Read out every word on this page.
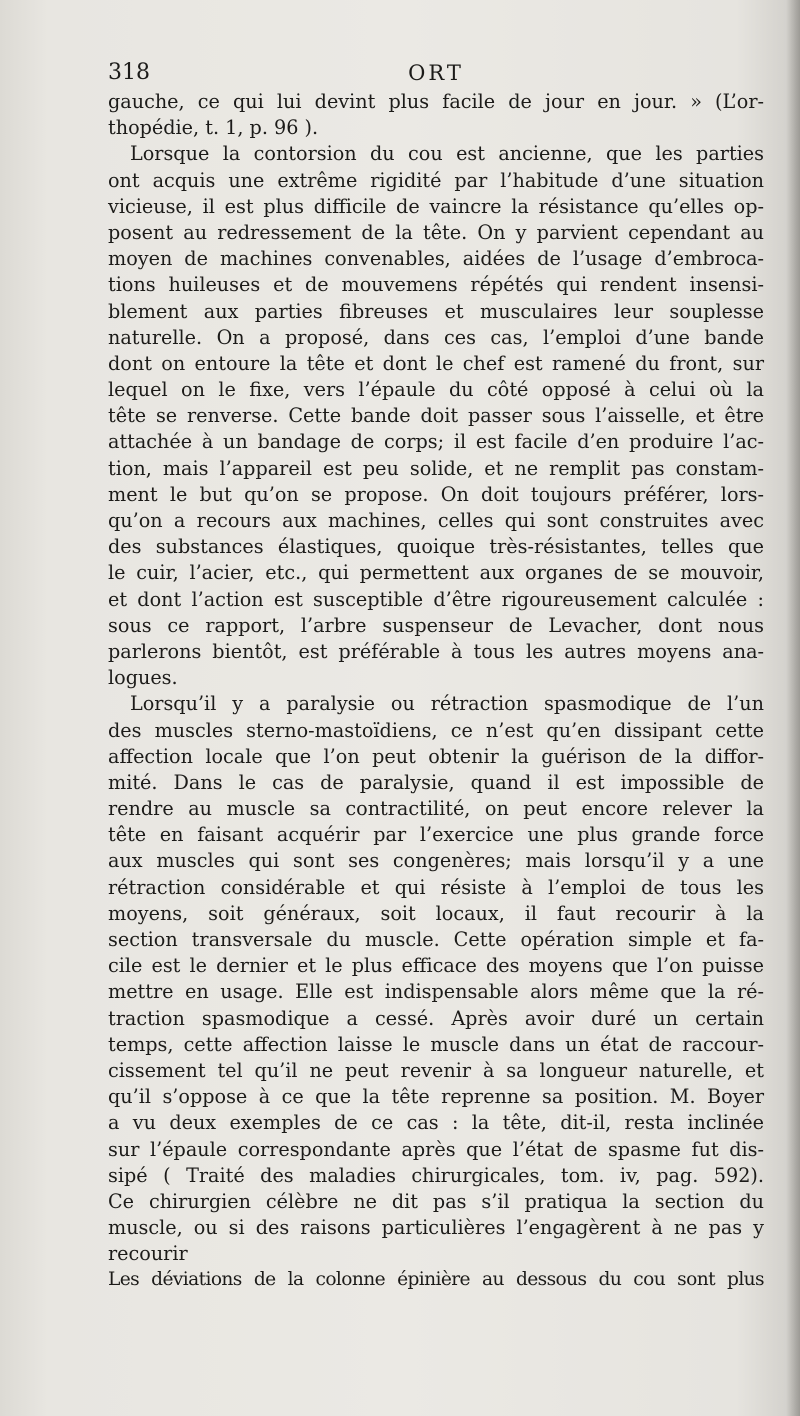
318	ORT
gauche, ce qui lui devint plus facile de jour en jour. » (L’or-
thopédie, t. 1, p. 96 ).
Lorsque la contorsion du cou est ancienne, que les parties
ont acquis une extrême rigidité par l’habitude d’une situation
vicieuse, il est plus difficile de vaincre la résistance qu’elles op-
posent au redressement de la tête. On y parvient cependant au
moyen de machines convenables, aidées de l’usage d’embroca-
tions huileuses et de mouvemens répétés qui rendent insensi-
blement aux parties fibreuses et musculaires leur souplesse
naturelle. On a proposé, dans ces cas, l’emploi d’une bande
dont on entoure la tête et dont le chef est ramené du front, sur
lequel on le fixe, vers l’épaule du côté opposé à celui où la
tête se renverse. Cette bande doit passer sous l’aisselle, et être
attachée à un bandage de corps; il est facile d’en produire l’ac-
tion, mais l’appareil est peu solide, et ne remplit pas constam-
ment le but qu’on se propose. On doit toujours préférer, lors-
qu’on a recours aux machines, celles qui sont construites avec
des substances élastiques, quoique très-résistantes, telles que
le cuir, l’acier, etc., qui permettent aux organes de se mouvoir,
et dont l’action est susceptible d’être rigoureusement calculée :
sous ce rapport, l’arbre suspenseur de Levacher, dont nous
parlerons bientôt, est préférable à tous les autres moyens ana-
logues.
Lorsqu’il y a paralysie ou rétraction spasmodique de l’un
des muscles sterno-mastoïdiens, ce n’est qu’en dissipant cette
affection locale que l’on peut obtenir la guérison de la diffor-
mité. Dans le cas de paralysie, quand il est impossible de
rendre au muscle sa contractilité, on peut encore relever la
tête en faisant acquérir par l’exercice une plus grande force
aux muscles qui sont ses congenères; mais lorsqu’il y a une
rétraction considérable et qui résiste à l’emploi de tous les
moyens, soit généraux, soit locaux, il faut recourir à la
section transversale du muscle. Cette opération simple et fa-
cile est le dernier et le plus efficace des moyens que l’on puisse
mettre en usage. Elle est indispensable alors même que la ré-
traction spasmodique a cessé. Après avoir duré un certain
temps, cette affection laisse le muscle dans un état de raccour-
cissement tel qu’il ne peut revenir à sa longueur naturelle, et
qu’il s’oppose à ce que la tête reprenne sa position. M. Boyer
a vu deux exemples de ce cas : la tête, dit-il, resta inclinée
sur l’épaule correspondante après que l’état de spasme fut dis-
sipé ( Traité des maladies chirurgicales, tom. iv, pag. 592).
Ce chirurgien célèbre ne dit pas s’il pratiqua la section du
muscle, ou si des raisons particulières l’engagèrent à ne pas y
recourir
Les déviations de la colonne épinière au dessous du cou sont plus
